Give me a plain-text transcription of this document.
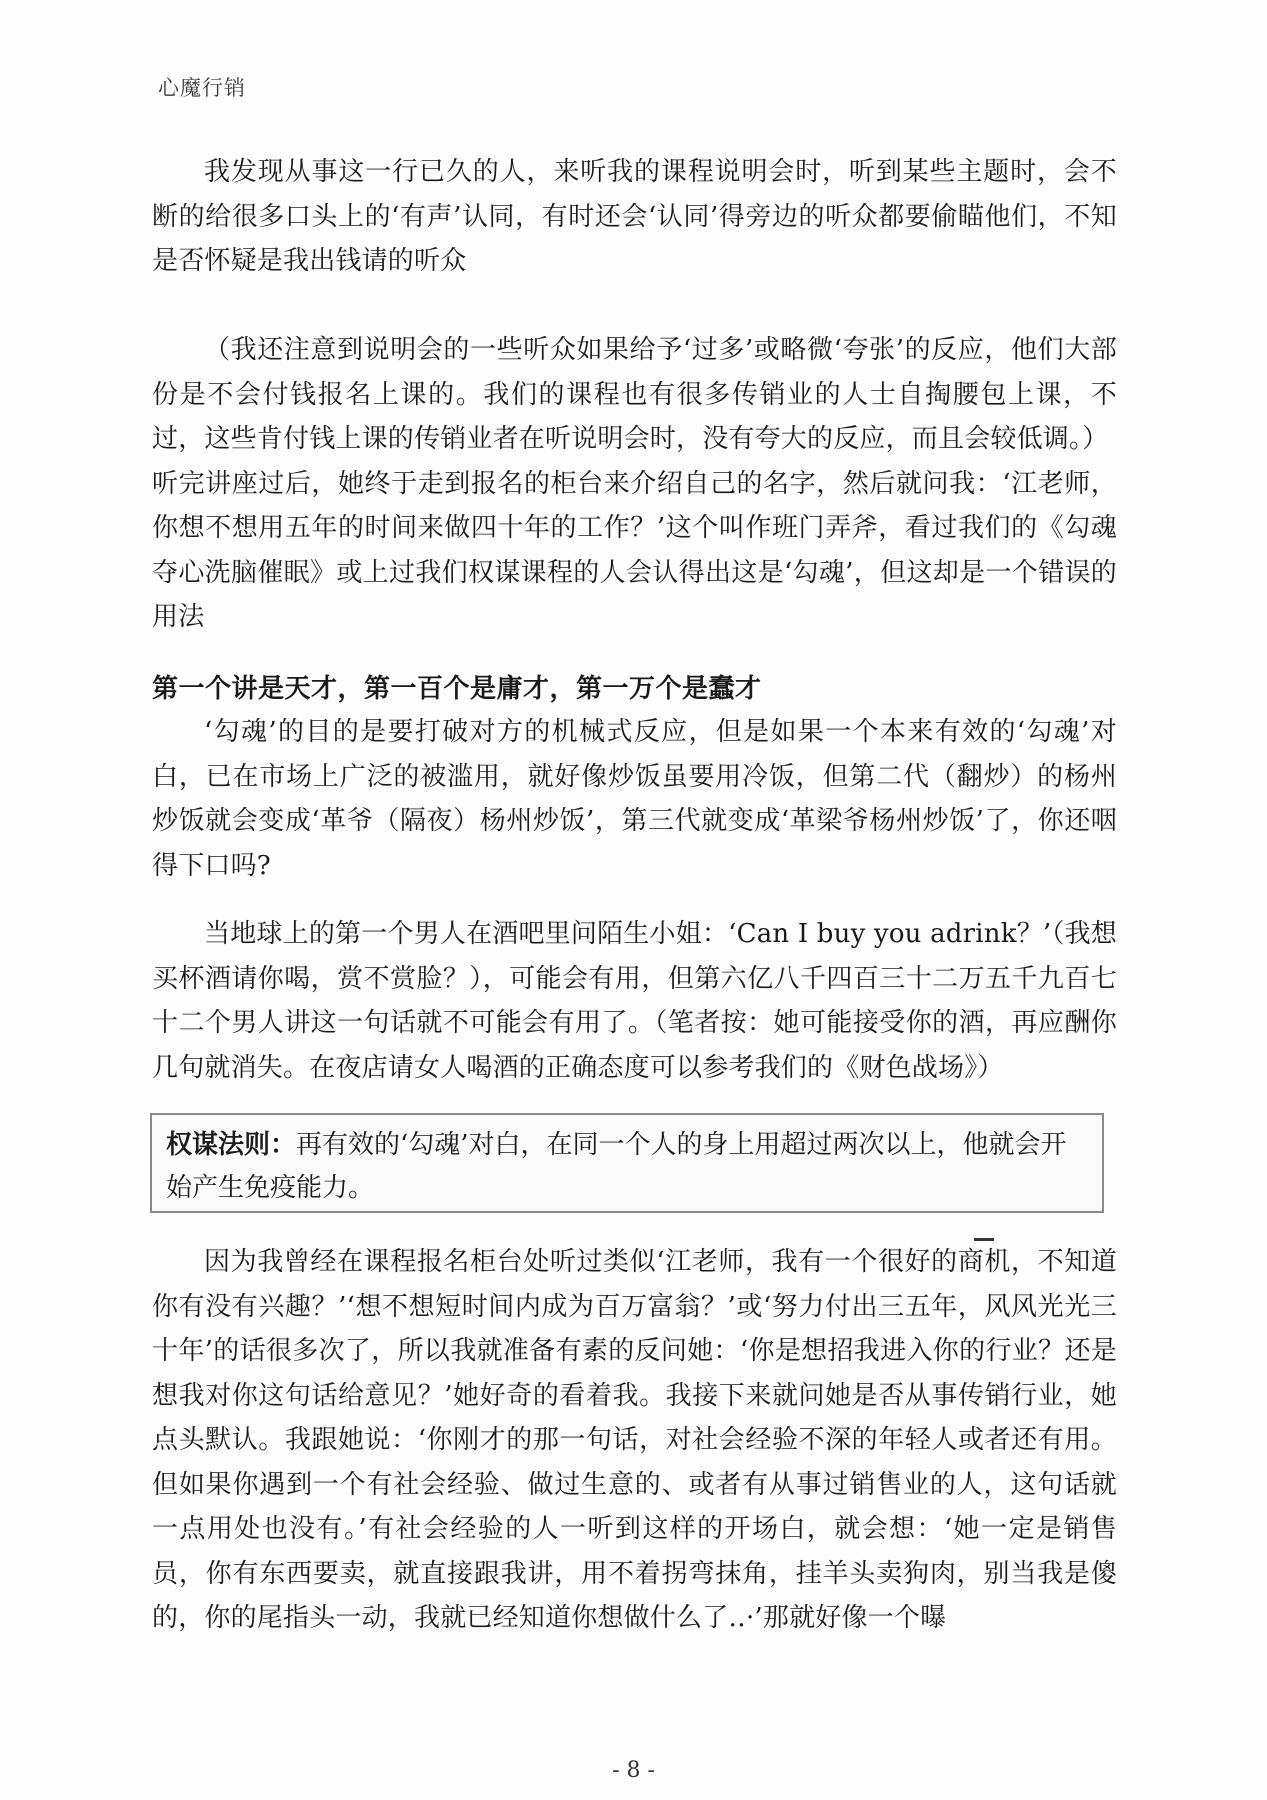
心魔行销

我发现从事这一行已久的人，来听我的课程说明会时，听到某些主题时，会不断的给很多口头上的‘有声’认同，有时还会‘认同’得旁边的听众都要偷瞄他们，不知是否怀疑是我出钱请的听众

（我还注意到说明会的一些听众如果给予‘过多’或略微‘夸张’的反应，他们大部份是不会付钱报名上课的。我们的课程也有很多传销业的人士自掏腰包上课，不过，这些肯付钱上课的传销业者在听说明会时，没有夸大的反应，而且会较低调。）

听完讲座过后，她终于走到报名的柜台来介绍自己的名字，然后就问我：‘江老师，你想不想用五年的时间来做四十年的工作？’这个叫作班门弄斧，看过我们的《勾魂夺心洗脑催眠》或上过我们权谋课程的人会认得出这是‘勾魂’，但这却是一个错误的用法

第一个讲是天才，第一百个是庸才，第一万个是蠢才

‘勾魂’的目的是要打破对方的机械式反应，但是如果一个本来有效的‘勾魂’对白，已在市场上广泛的被滥用，就好像炒饭虽要用冷饭，但第二代（翻炒）的杨州炒饭就会变成‘革爷（隔夜）杨州炒饭’，第三代就变成‘革梁爷杨州炒饭’了，你还咽得下口吗?

当地球上的第一个男人在酒吧里问陌生小姐：‘Can I buy you adrink？’（我想买杯酒请你喝，赏不赏脸？），可能会有用，但第六亿八千四百三十二万五千九百七十二个男人讲这一句话就不可能会有用了。（笔者按：她可能接受你的酒，再应酬你几句就消失。在夜店请女人喝酒的正确态度可以参考我们的《财色战场》）

权谋法则：再有效的‘勾魂’对白，在同一个人的身上用超过两次以上，他就会开始产生免疫能力。

因为我曾经在课程报名柜台处听过类似‘江老师，我有一个很好的商机，不知道你有没有兴趣？’‘想不想短时间内成为百万富翁？’或‘努力付出三五年，风风光光三十年’的话很多次了，所以我就准备有素的反问她：‘你是想招我进入你的行业？还是想我对你这句话给意见？’她好奇的看着我。我接下来就问她是否从事传销行业，她点头默认。我跟她说：‘你刚才的那一句话，对社会经验不深的年轻人或者还有用。但如果你遇到一个有社会经验、做过生意的、或者有从事过销售业的人，这句话就一点用处也没有。’有社会经验的人一听到这样的开场白，就会想：‘她一定是销售员，你有东西要卖，就直接跟我讲，用不着拐弯抹角，挂羊头卖狗肉，别当我是傻的，你的尾指头一动，我就已经知道你想做什么了‥·’那就好像一个曝

- 8 -
